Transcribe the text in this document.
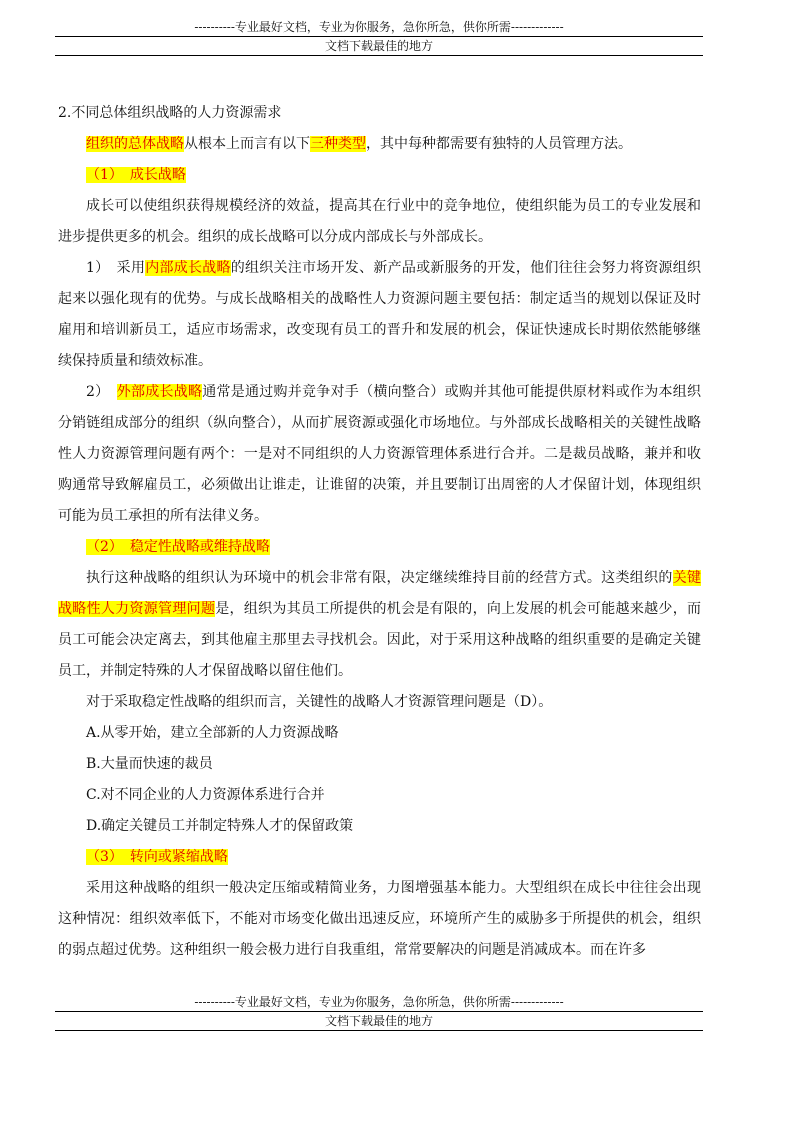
----------专业最好文档，专业为你服务，急你所急，供你所需-------------
文档下载最佳的地方

2.不同总体组织战略的人力资源需求

组织的总体战略从根本上而言有以下三种类型，其中每种都需要有独特的人员管理方法。

（1）　成长战略

成长可以使组织获得规模经济的效益，提高其在行业中的竞争地位，使组织能为员工的专业发展和进步提供更多的机会。组织的成长战略可以分成内部成长与外部成长。

1）　采用内部成长战略的组织关注市场开发、新产品或新服务的开发，他们往往会努力将资源组织起来以强化现有的优势。与成长战略相关的战略性人力资源问题主要包括：制定适当的规划以保证及时雇用和培训新员工，适应市场需求，改变现有员工的晋升和发展的机会，保证快速成长时期依然能够继续保持质量和绩效标准。

2）　外部成长战略通常是通过购并竞争对手（横向整合）或购并其他可能提供原材料或作为本组织分销链组成部分的组织（纵向整合），从而扩展资源或强化市场地位。与外部成长战略相关的关键性战略性人力资源管理问题有两个：一是对不同组织的人力资源管理体系进行合并。二是裁员战略，兼并和收购通常导致解雇员工，必须做出让谁走，让谁留的决策，并且要制订出周密的人才保留计划，体现组织可能为员工承担的所有法律义务。

（2）　稳定性战略或维持战略

执行这种战略的组织认为环境中的机会非常有限，决定继续维持目前的经营方式。这类组织的关键战略性人力资源管理问题是，组织为其员工所提供的机会是有限的，向上发展的机会可能越来越少，而员工可能会决定离去，到其他雇主那里去寻找机会。因此，对于采用这种战略的组织重要的是确定关键员工，并制定特殊的人才保留战略以留住他们。

对于采取稳定性战略的组织而言，关键性的战略人才资源管理问题是（D）。

A.从零开始，建立全部新的人力资源战略

B.大量而快速的裁员

C.对不同企业的人力资源体系进行合并

D.确定关键员工并制定特殊人才的保留政策

（3）　转向或紧缩战略

采用这种战略的组织一般决定压缩或精简业务，力图增强基本能力。大型组织在成长中往往会出现这种情况：组织效率低下，不能对市场变化做出迅速反应，环境所产生的威胁多于所提供的机会，组织的弱点超过优势。这种组织一般会极力进行自我重组，常常要解决的问题是消减成本。而在许多

----------专业最好文档，专业为你服务，急你所急，供你所需-------------
文档下载最佳的地方
